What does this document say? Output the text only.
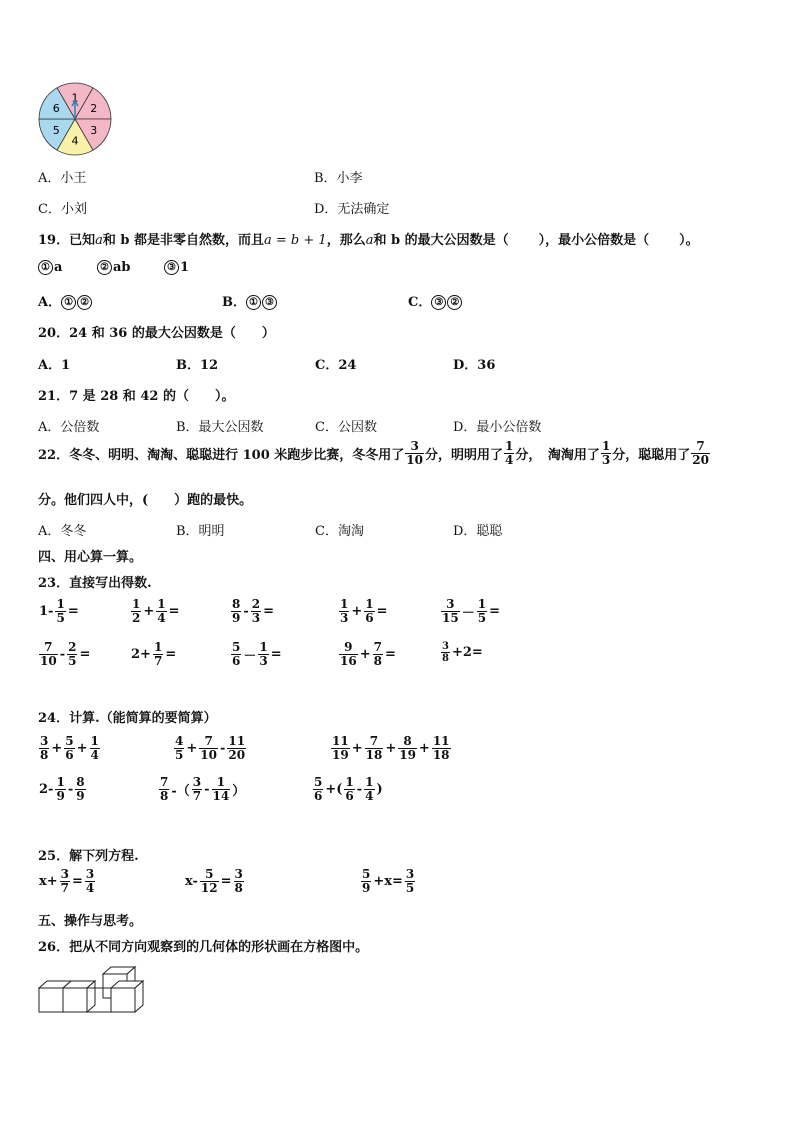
1
2
3
4
5
6
A．小王	B．小李
C．小刘	D．无法确定
19．已知a和 b 都是非零自然数，而且a = b + 1，那么a和 b 的最大公因数是（ ），最小公倍数是（ ）。
① a	② ab	③ 1
A． ① ②	B． ① ③	C． ③ ②
20．24 和 36 的最大公因数是（　　）
A．1	B．12	C．24	D．36
21．7 是 28 和 42 的（　　）。
A．公倍数	B．最大公因数	C．公因数	D．最小公倍数
22．冬冬、明明、淘淘、聪聪进行 100 米跑步比赛，冬冬用了 $\frac{3}{10}$ 分，明明用了 $\frac{1}{4}$ 分，　淘淘用了 $\frac{1}{3}$ 分，聪聪用了 $\frac{7}{20}$
分。他们四人中，(　　）跑的最快。
A．冬冬	B．明明	C．淘淘	D．聪聪
四、用心算一算。
23．直接写出得数.
$1- \frac{1}{5}$ =	$\frac{1}{2} + \frac{1}{4}$ =	$\frac{8}{9} - \frac{2}{3}$ =	$\frac{1}{3} + \frac{1}{6}$ =	$\frac{3}{15} - \frac{1}{5}$ =
$\frac{7}{10} - \frac{2}{5}$ =	$2+ \frac{1}{7}$ =	$\frac{5}{6} - \frac{1}{3}$ =	$\frac{9}{16} + \frac{7}{8}$ =	$\frac{3}{8} +2=$
24．计算.（能简算的要简算）
$\frac{3}{8} + \frac{5}{6} + \frac{1}{4}$	$\frac{4}{5} + \frac{7}{10} - \frac{11}{20}$	$\frac{11}{19} + \frac{7}{18} + \frac{8}{19} + \frac{11}{18}$
$2- \frac{1}{9} - \frac{8}{9}$	$\frac{7}{8}$ -（ $\frac{3}{7} - \frac{1}{14}$ ）	$\frac{5}{6}$ +( $\frac{1}{6} - \frac{1}{4}$ )
25．解下列方程.
$x+ \frac{3}{7} = \frac{3}{4}$	$x- \frac{5}{12} = \frac{3}{8}$	$\frac{5}{9} +x= \frac{3}{5}$
五、操作与思考。
26．把从不同方向观察到的几何体的形状画在方格图中。
